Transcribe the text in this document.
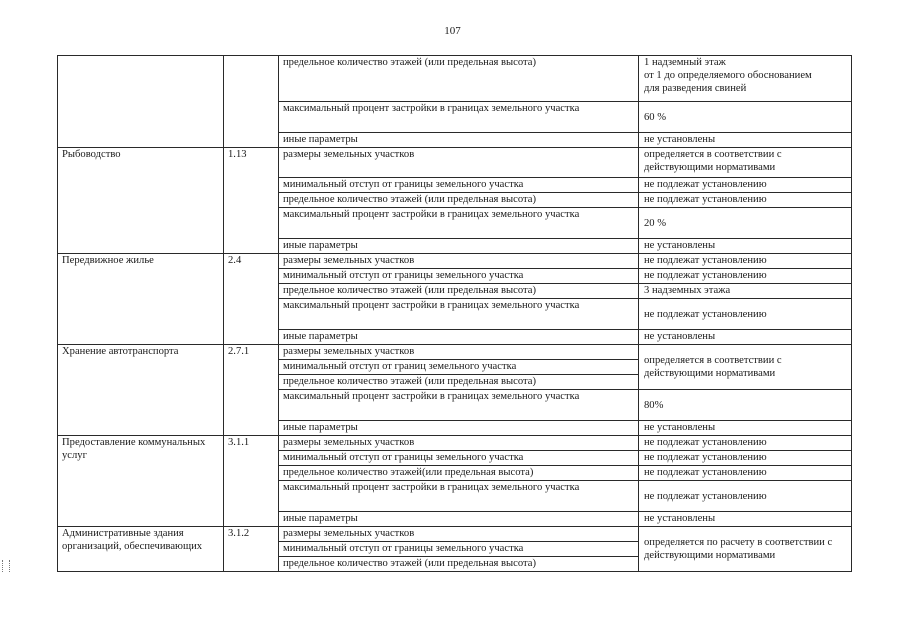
107
		предельное количество этажей (или предельная высота)	1 надземный этаж
от 1 до определяемого обоснованием
для разведения свиней

		максимальный процент застройки в границах земельного участка	60 %
		иные параметры	не установлены
Рыбоводство	1.13	размеры земельных участков	определяется в соответствии с действующими нормативами
		минимальный отступ от границы земельного участка	не подлежат установлению
		предельное количество этажей (или предельная высота)	не подлежат установлению
		максимальный процент застройки в границах земельного участка	20 %
		иные параметры	не установлены
Передвижное жилье	2.4	размеры земельных участков	не подлежат установлению
		минимальный отступ от границы земельного участка	не подлежат установлению
		предельное количество этажей (или предельная высота)	3 надземных этажа
		максимальный процент застройки в границах земельного участка	не подлежат установлению
		иные параметры	не установлены
Хранение автотранспорта	2.7.1	размеры земельных участков	определяется в соответствии с действующими нормативами
		минимальный отступ от границ земельного участка	
		предельное количество этажей (или предельная высота)	
		максимальный процент застройки в границах земельного участка	80%
		иные параметры	не установлены
Предоставление коммунальных услуг	3.1.1	размеры земельных участков	не подлежат установлению
		минимальный отступ от границы земельного участка	не подлежат установлению
		предельное количество этажей(или предельная высота)	не подлежат установлению
		максимальный процент застройки в границах земельного участка	не подлежат установлению
		иные параметры	не установлены
Административные здания организаций, обеспечивающих	3.1.2	размеры земельных участков	определяется по расчету в соответствии с действующими нормативами
		минимальный отступ от границы земельного участка	
		предельное количество этажей (или предельная высота)	
